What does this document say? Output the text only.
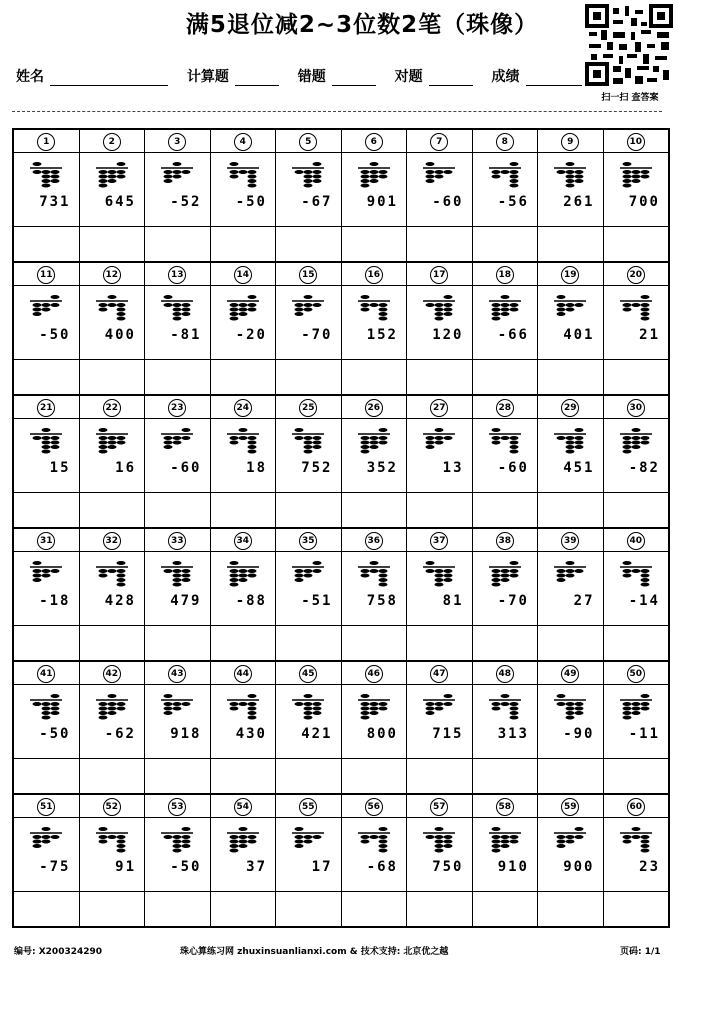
满5退位减2~3位数2笔（珠像）
扫一扫 查答案
姓名	计算题	错题	对题	成绩
1
731
2
645
3
-52
4
-50
5
-67
6
901
7
-60
8
-56
9
261
10
700
11
-50
12
400
13
-81
14
-20
15
-70
16
152
17
120
18
-66
19
401
20
21
21
15
22
16
23
-60
24
18
25
752
26
352
27
13
28
-60
29
451
30
-82
31
-18
32
428
33
479
34
-88
35
-51
36
758
37
81
38
-70
39
27
40
-14
41
-50
42
-62
43
918
44
430
45
421
46
800
47
715
48
313
49
-90
50
-11
51
-75
52
91
53
-50
54
37
55
17
56
-68
57
750
58
910
59
900
60
23
编号: X200324290	珠心算练习网 zhuxinsuanlianxi.com & 技术支持: 北京优之越	页码: 1/1
